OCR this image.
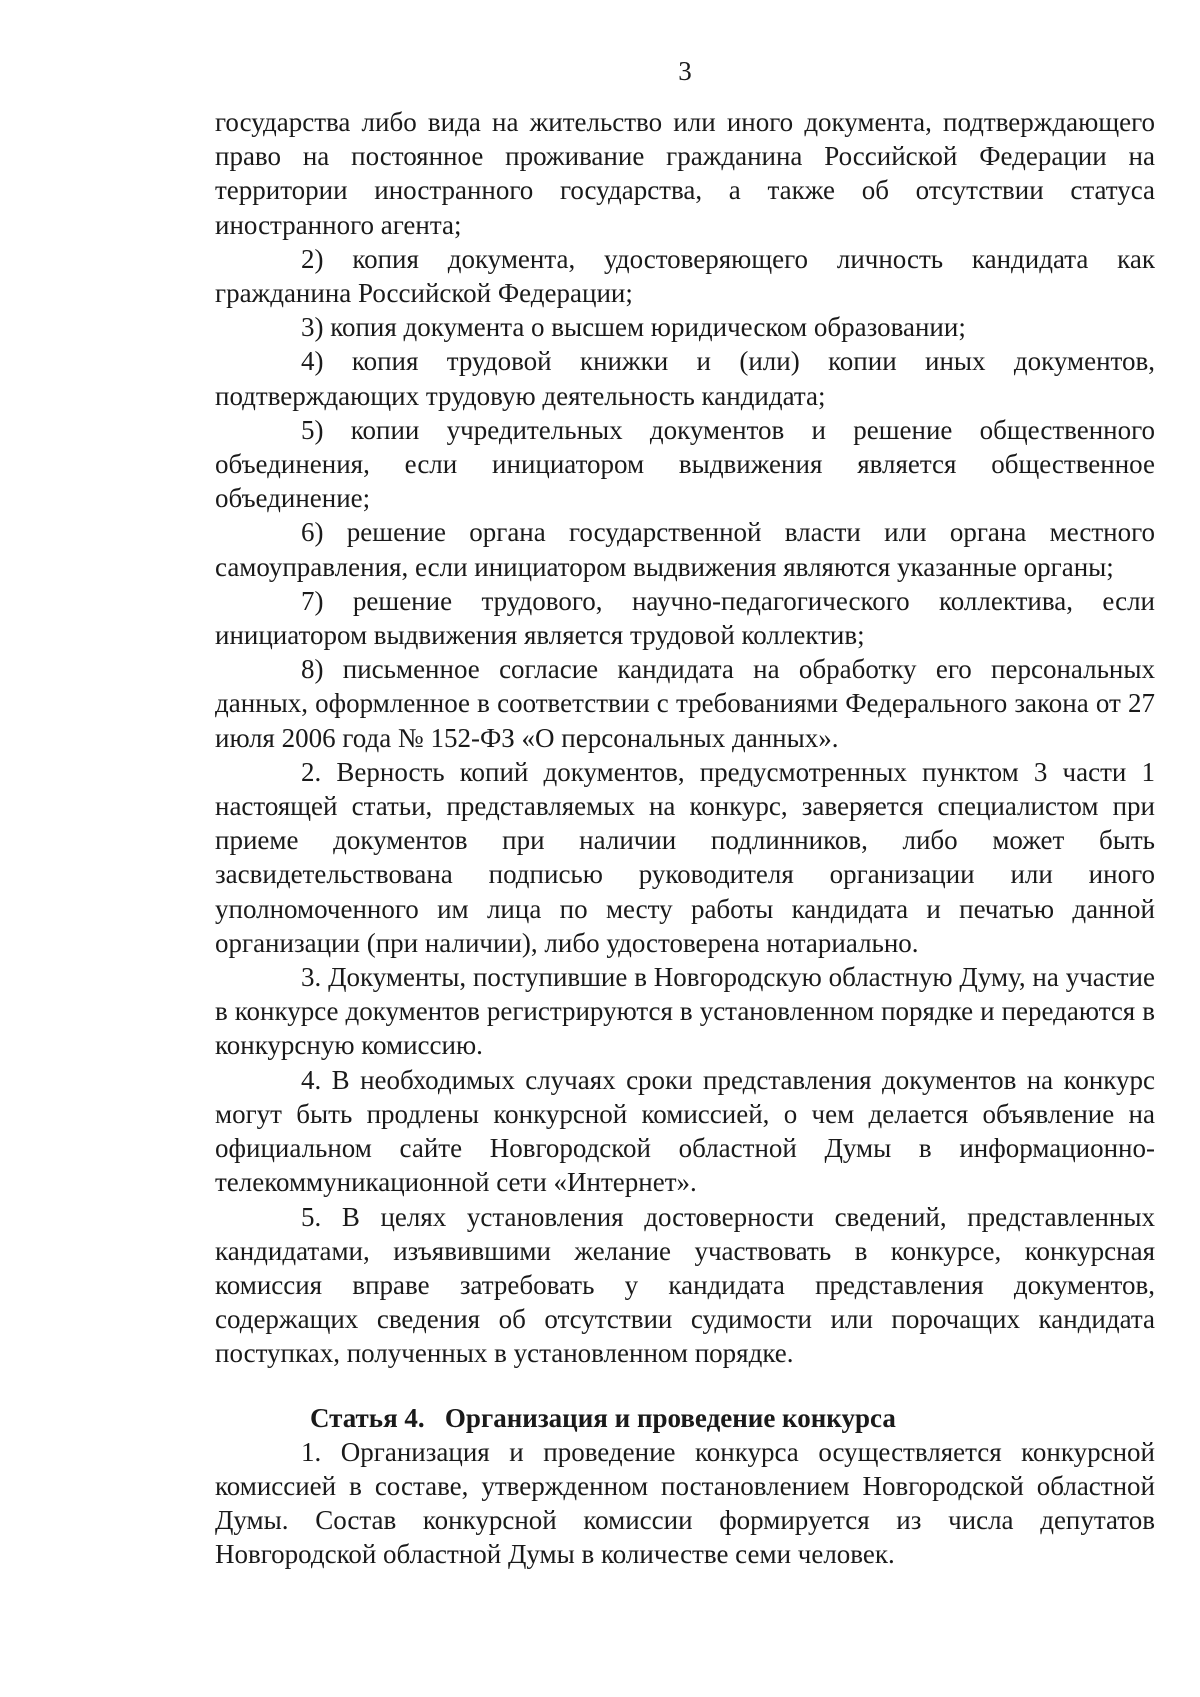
3

государства либо вида на жительство или иного документа, подтверждающего право на постоянное проживание гражданина Российской Федерации на территории иностранного государства, а также об отсутствии статуса иностранного агента;

2) копия документа, удостоверяющего личность кандидата как гражданина Российской Федерации;

3) копия документа о высшем юридическом образовании;

4) копия трудовой книжки и (или) копии иных документов, подтверждающих трудовую деятельность кандидата;

5) копии учредительных документов и решение общественного объединения, если инициатором выдвижения является общественное объединение;

6) решение органа государственной власти или органа местного самоуправления, если инициатором выдвижения являются указанные органы;

7) решение трудового, научно-педагогического коллектива, если инициатором выдвижения является трудовой коллектив;

8) письменное согласие кандидата на обработку его персональных данных, оформленное в соответствии с требованиями Федерального закона от 27 июля 2006 года № 152-ФЗ «О персональных данных».

2. Верность копий документов, предусмотренных пунктом 3 части 1 настоящей статьи, представляемых на конкурс, заверяется специалистом при приеме документов при наличии подлинников, либо может быть засвидетельствована подписью руководителя организации или иного уполномоченного им лица по месту работы кандидата и печатью данной организации (при наличии), либо удостоверена нотариально.

3. Документы, поступившие в Новгородскую областную Думу, на участие в конкурсе документов регистрируются в установленном порядке и передаются в конкурсную комиссию.

4. В необходимых случаях сроки представления документов на конкурс могут быть продлены конкурсной комиссией, о чем делается объявление на официальном сайте Новгородской областной Думы в информационно-телекоммуникационной сети «Интернет».

5. В целях установления достоверности сведений, представленных кандидатами, изъявившими желание участвовать в конкурсе, конкурсная комиссия вправе затребовать у кандидата представления документов, содержащих сведения об отсутствии судимости или порочащих кандидата поступках, полученных в установленном порядке.

Статья 4.   Организация и проведение конкурса

1. Организация и проведение конкурса осуществляется конкурсной комиссией в составе, утвержденном постановлением Новгородской областной Думы. Состав конкурсной комиссии формируется из числа депутатов Новгородской областной Думы в количестве семи человек.
